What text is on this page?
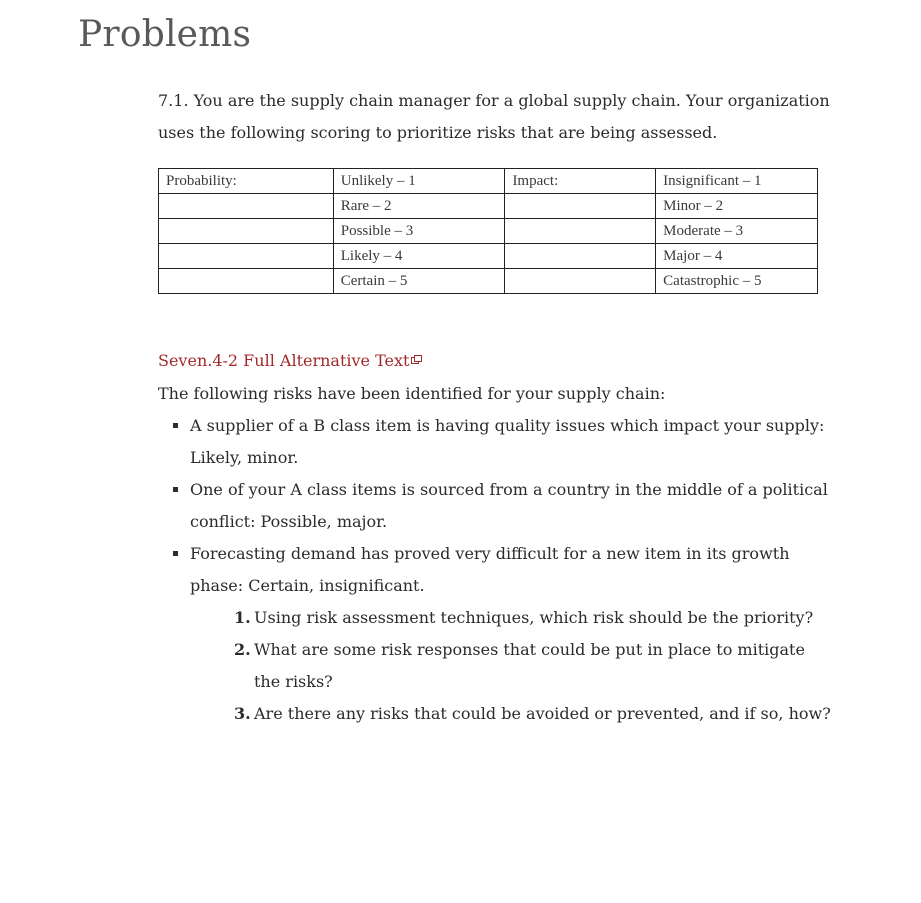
Problems

7.1. You are the supply chain manager for a global supply chain. Your organization uses the following scoring to prioritize risks that are being assessed.

Probability:	Unlikely – 1	Impact:	Insignificant – 1
	Rare – 2		Minor – 2
	Possible – 3		Moderate – 3
	Likely – 4		Major – 4
	Certain – 5		Catastrophic – 5
Seven.4-2 Full Alternative Text

The following risks have been identified for your supply chain:

A supplier of a B class item is having quality issues which impact your supply: Likely, minor.
One of your A class items is sourced from a country in the middle of a political conflict: Possible, major.
Forecasting demand has proved very difficult for a new item in its growth phase: Certain, insignificant.
1. Using risk assessment techniques, which risk should be the priority?
2. What are some risk responses that could be put in place to mitigate the risks?
3. Are there any risks that could be avoided or prevented, and if so, how?
